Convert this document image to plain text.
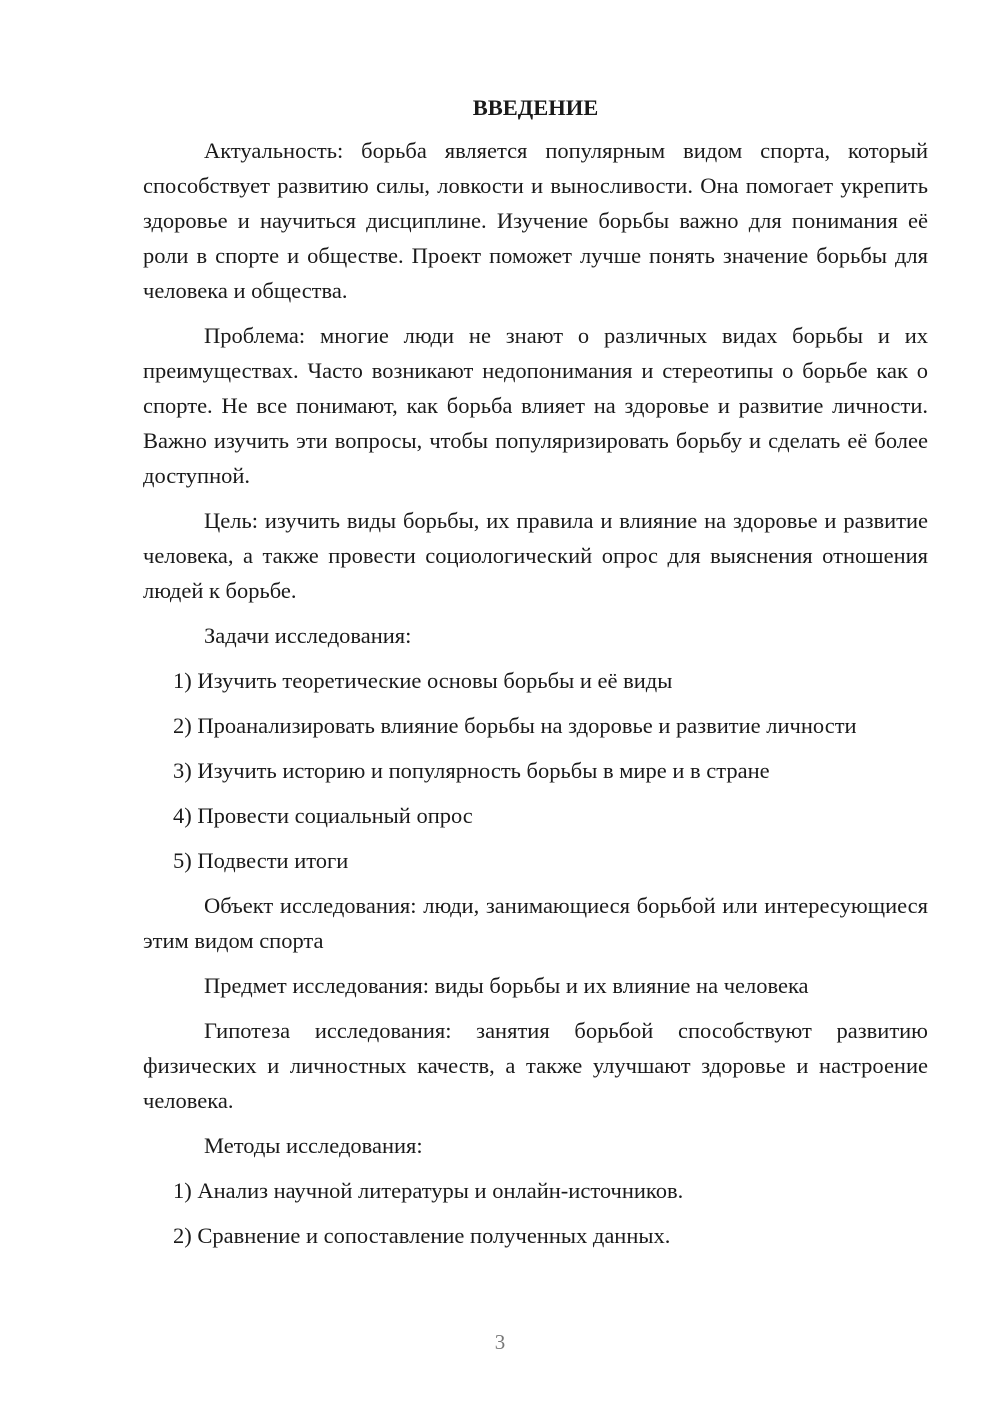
ВВЕДЕНИЕ

Актуальность: борьба является популярным видом спорта, который способствует развитию силы, ловкости и выносливости. Она помогает укрепить здоровье и научиться дисциплине. Изучение борьбы важно для понимания её роли в спорте и обществе. Проект поможет лучше понять значение борьбы для человека и общества.

Проблема: многие люди не знают о различных видах борьбы и их преимуществах. Часто возникают недопонимания и стереотипы о борьбе как о спорте. Не все понимают, как борьба влияет на здоровье и развитие личности. Важно изучить эти вопросы, чтобы популяризировать борьбу и сделать её более доступной.

Цель: изучить виды борьбы, их правила и влияние на здоровье и развитие человека, а также провести социологический опрос для выяснения отношения людей к борьбе.

Задачи исследования:

1) Изучить теоретические основы борьбы и её виды

2) Проанализировать влияние борьбы на здоровье и развитие личности

3) Изучить историю и популярность борьбы в мире и в стране

4) Провести социальный опрос

5) Подвести итоги

Объект исследования: люди, занимающиеся борьбой или интересующиеся этим видом спорта

Предмет исследования: виды борьбы и их влияние на человека

Гипотеза исследования: занятия борьбой способствуют развитию физических и личностных качеств, а также улучшают здоровье и настроение человека.

Методы исследования:

1) Анализ научной литературы и онлайн-источников.

2) Сравнение и сопоставление полученных данных.

3
